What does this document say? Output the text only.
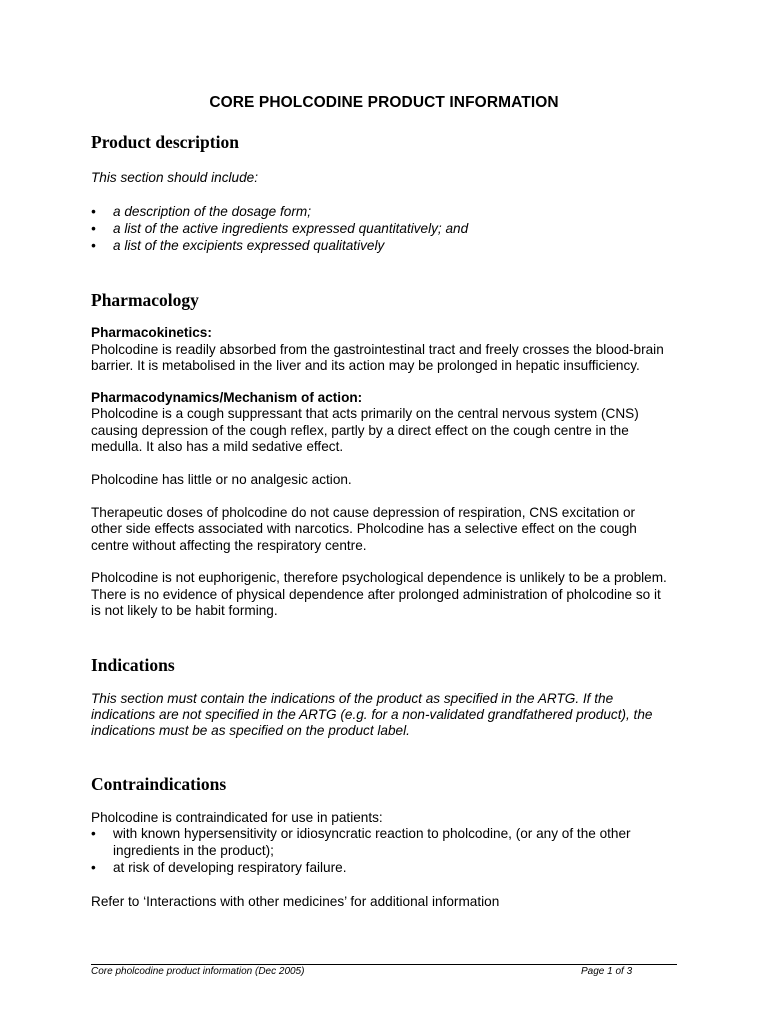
CORE PHOLCODINE PRODUCT INFORMATION
Product description
This section should include:
•	a description of the dosage form;
•	a list of the active ingredients expressed quantitatively; and
•	a list of the excipients expressed qualitatively
Pharmacology
Pharmacokinetics:
Pholcodine is readily absorbed from the gastrointestinal tract and freely crosses the blood-brain
barrier. It is metabolised in the liver and its action may be prolonged in hepatic insufficiency.
Pharmacodynamics/Mechanism of action:
Pholcodine is a cough suppressant that acts primarily on the central nervous system (CNS)
causing depression of the cough reflex, partly by a direct effect on the cough centre in the
medulla. It also has a mild sedative effect.
Pholcodine has little or no analgesic action.
Therapeutic doses of pholcodine do not cause depression of respiration, CNS excitation or
other side effects associated with narcotics. Pholcodine has a selective effect on the cough
centre without affecting the respiratory centre.
Pholcodine is not euphorigenic, therefore psychological dependence is unlikely to be a problem.
There is no evidence of physical dependence after prolonged administration of pholcodine so it
is not likely to be habit forming.
Indications
This section must contain the indications of the product as specified in the ARTG. If the
indications are not specified in the ARTG (e.g. for a non-validated grandfathered product), the
indications must be as specified on the product label.
Contraindications
Pholcodine is contraindicated for use in patients:
•	with known hypersensitivity or idiosyncratic reaction to pholcodine, (or any of the other
ingredients in the product);
•	at risk of developing respiratory failure.
Refer to ‘Interactions with other medicines’ for additional information
Core pholcodine product information (Dec 2005)	Page 1 of 3
